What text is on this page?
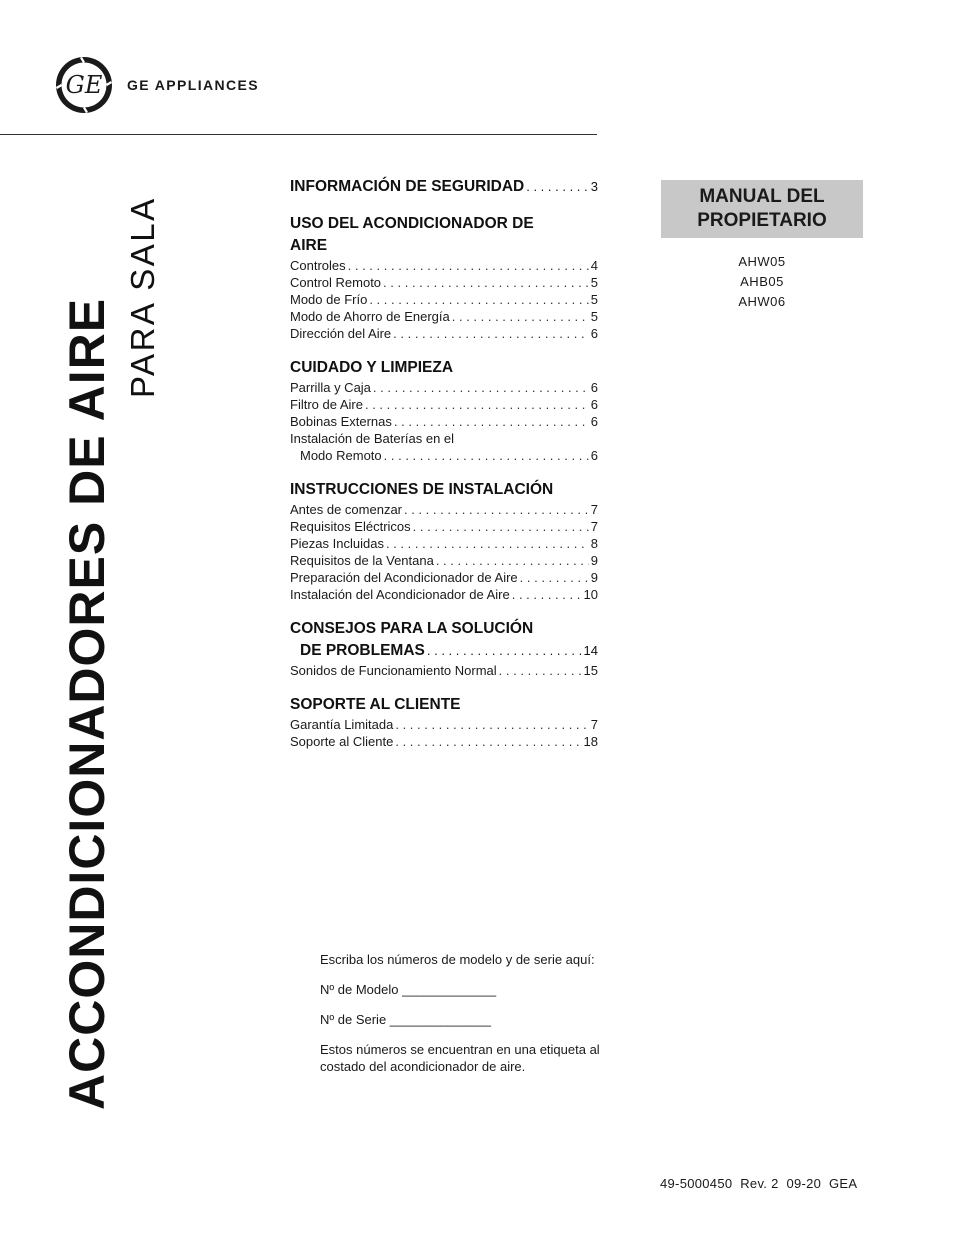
GE GE APPLIANCES
ACCONDICIONADORES DE AIRE
PARA SALA
INFORMACIÓN DE SEGURIDAD . . .	3
USO DEL ACONDICIONADOR DE
AIRE
Controles . . .	4
Control Remoto . . .	5
Modo de Frío . . .	5
Modo de Ahorro de Energía . . .	5
Dirección del Aire . . .	6
CUIDADO Y LIMPIEZA
Parrilla y Caja . . .	6
Filtro de Aire . . .	6
Bobinas Externas . . .	6
Instalación de Baterías en el
Modo Remoto . . .	6
INSTRUCCIONES DE INSTALACIÓN
Antes de comenzar . . .	7
Requisitos Eléctricos . . .	7
Piezas Incluidas . . .	8
Requisitos de la Ventana . . .	9
Preparación del Acondicionador de Aire . . .	9
Instalación del Acondicionador de Aire . . .	10
CONSEJOS PARA LA SOLUCIÓN
DE PROBLEMAS . . .	14
Sonidos de Funcionamiento Normal . . .	15
SOPORTE AL CLIENTE
Garantía Limitada . . .	7
Soporte al Cliente . . .	18
MANUAL DEL
PROPIETARIO
AHW05
AHB05
AHW06

Escriba los números de modelo y de serie aquí:

Nº de Modelo _____________

Nº de Serie ______________

Estos números se encuentran en una etiqueta al costado del acondicionador de aire.

49-5000450  Rev. 2  09-20  GEA
